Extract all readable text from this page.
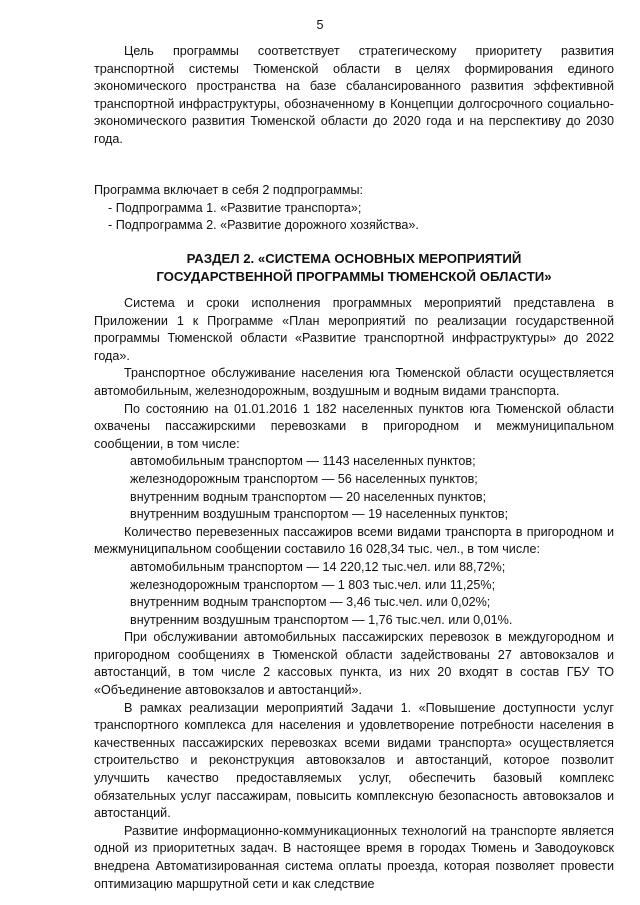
5

Цель программы соответствует стратегическому приоритету развития транспортной системы Тюменской области в целях формирования единого экономического пространства на базе сбалансированного развития эффективной транспортной инфраструктуры, обозначенному в Концепции долгосрочного социально-экономического развития Тюменской области до 2020 года и на перспективу до 2030 года.

Программа включает в себя 2 подпрограммы:

- Подпрограмма 1. «Развитие транспорта»;

- Подпрограмма 2. «Развитие дорожного хозяйства».

РАЗДЕЛ 2. «СИСТЕМА ОСНОВНЫХ МЕРОПРИЯТИЙ
ГОСУДАРСТВЕННОЙ ПРОГРАММЫ ТЮМЕНСКОЙ ОБЛАСТИ»

Система и сроки исполнения программных мероприятий представлена в Приложении 1 к Программе «План мероприятий по реализации государственной программы Тюменской области «Развитие транспортной инфраструктуры» до 2022 года».

Транспортное обслуживание населения юга Тюменской области осуществляется автомобильным, железнодорожным, воздушным и водным видами транспорта.

По состоянию на 01.01.2016 1 182 населенных пунктов юга Тюменской области охвачены пассажирскими перевозками в пригородном и межмуниципальном сообщении, в том числе:

автомобильным транспортом — 1143 населенных пунктов;

железнодорожным транспортом — 56 населенных пунктов;

внутренним водным транспортом — 20 населенных пунктов;

внутренним воздушным транспортом — 19 населенных пунктов;

Количество перевезенных пассажиров всеми видами транспорта в пригородном и межмуниципальном сообщении составило 16 028,34 тыс. чел., в том числе:

автомобильным транспортом — 14 220,12 тыс.чел. или 88,72%;

железнодорожным транспортом — 1 803 тыс.чел. или 11,25%;

внутренним водным транспортом — 3,46 тыс.чел. или 0,02%;

внутренним воздушным транспортом — 1,76 тыс.чел. или 0,01%.

При обслуживании автомобильных пассажирских перевозок в междугородном и пригородном сообщениях в Тюменской области задействованы 27 автовокзалов и автостанций, в том числе 2 кассовых пункта, из них 20 входят в состав ГБУ ТО «Объединение автовокзалов и автостанций».

В рамках реализации мероприятий Задачи 1. «Повышение доступности услуг транспортного комплекса для населения и удовлетворение потребности населения в качественных пассажирских перевозках всеми видами транспорта» осуществляется строительство и реконструкция автовокзалов и автостанций, которое позволит улучшить качество предоставляемых услуг, обеспечить базовый комплекс обязательных услуг пассажирам, повысить комплексную безопасность автовокзалов и автостанций.

Развитие информационно-коммуникационных технологий на транспорте является одной из приоритетных задач. В настоящее время в городах Тюмень и Заводоуковск внедрена Автоматизированная система оплаты проезда, которая позволяет провести оптимизацию маршрутной сети и как следствие
